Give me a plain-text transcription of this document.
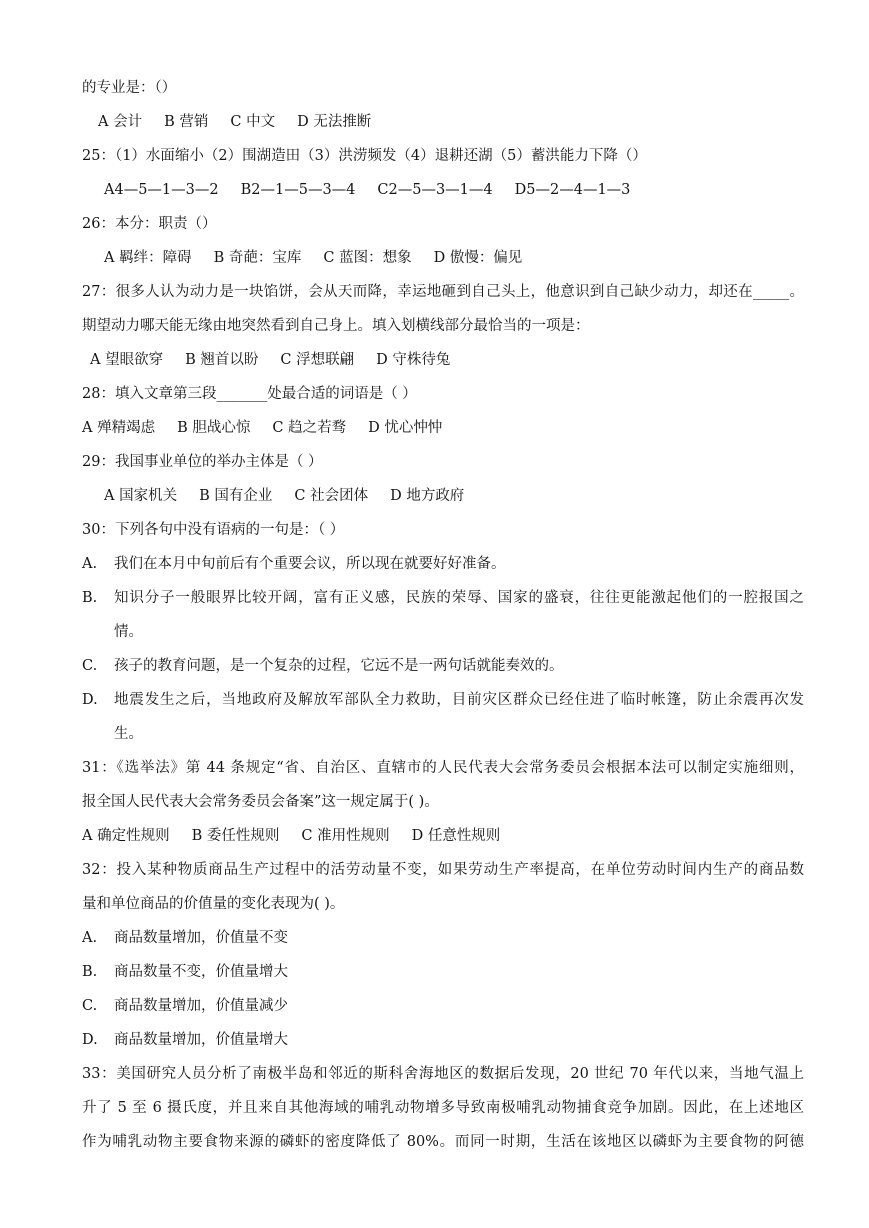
的专业是：（）
A 会计 B 营销 C 中文 D 无法推断
25：（1）水面缩小（2）围湖造田（3）洪涝频发（4）退耕还湖（5）蓄洪能力下降（）
A4—5—1—3—2 B2—1—5—3—4 C2—5—3—1—4 D5—2—4—1—3
26：本分：职责（）
A 羁绊：障碍 B 奇葩：宝库 C 蓝图：想象 D 傲慢：偏见
27：很多人认为动力是一块馅饼，会从天而降，幸运地砸到自己头上，他意识到自己缺少动力，却还在_____。
期望动力哪天能无缘由地突然看到自己身上。填入划横线部分最恰当的一项是：
A 望眼欲穿 B 翘首以盼 C 浮想联翩 D 守株待兔
28：填入文章第三段_______处最合适的词语是（ ）
A 殚精竭虑 B 胆战心惊 C 趋之若骛 D 忧心忡忡
29：我国事业单位的举办主体是（ ）
A 国家机关 B 国有企业 C 社会团体 D 地方政府
30：下列各句中没有语病的一句是：（ ）
A. 我们在本月中旬前后有个重要会议，所以现在就要好好准备。
B. 知识分子一般眼界比较开阔，富有正义感，民族的荣辱、国家的盛衰，往往更能激起他们的一腔报国之
情。
C. 孩子的教育问题，是一个复杂的过程，它远不是一两句话就能奏效的。
D. 地震发生之后，当地政府及解放军部队全力救助，目前灾区群众已经住进了临时帐篷，防止余震再次发
生。
31：《选举法》第 44 条规定“省、自治区、直辖市的人民代表大会常务委员会根据本法可以制定实施细则，
报全国人民代表大会常务委员会备案”这一规定属于( )。
A 确定性规则 B 委任性规则 C 准用性规则 D 任意性规则
32：投入某种物质商品生产过程中的活劳动量不变，如果劳动生产率提高，在单位劳动时间内生产的商品数
量和单位商品的价值量的变化表现为( )。
A. 商品数量增加，价值量不变
B. 商品数量不变，价值量增大
C. 商品数量增加，价值量减少
D. 商品数量增加，价值量增大
33：美国研究人员分析了南极半岛和邻近的斯科舍海地区的数据后发现，20 世纪 70 年代以来，当地气温上
升了 5 至 6 摄氏度，并且来自其他海域的哺乳动物增多导致南极哺乳动物捕食竞争加剧。因此，在上述地区
作为哺乳动物主要食物来源的磷虾的密度降低了 80%。而同一时期，生活在该地区以磷虾为主要食物的阿德
